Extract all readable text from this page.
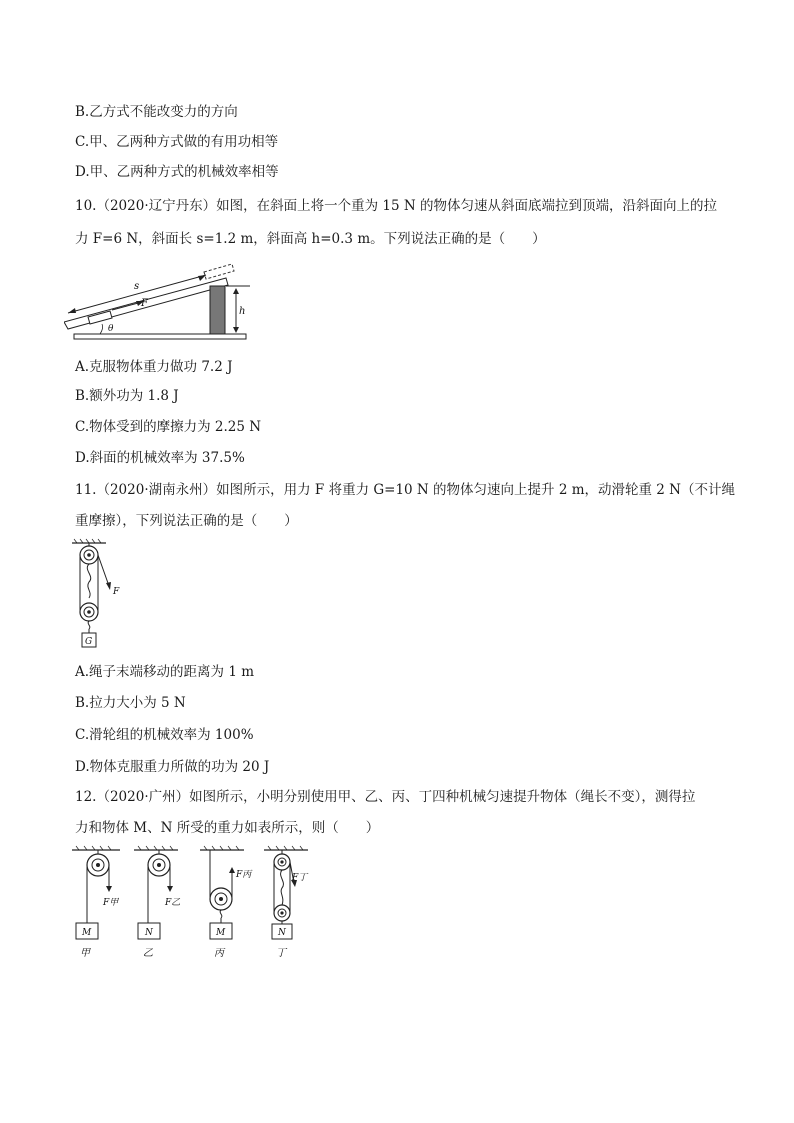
B.乙方式不能改变力的方向
C.甲、乙两种方式做的有用功相等
D.甲、乙两种方式的机械效率相等
10.（2020·辽宁丹东）如图，在斜面上将一个重为 15 N 的物体匀速从斜面底端拉到顶端，沿斜面向上的拉
力 F=6 N，斜面长 s=1.2 m，斜面高 h=0.3 m。下列说法正确的是（　　）
h
s
F
θ
A.克服物体重力做功 7.2 J
B.额外功为 1.8 J
C.物体受到的摩擦力为 2.25 N
D.斜面的机械效率为 37.5%
11.（2020·湖南永州）如图所示，用力 F 将重力 G=10 N 的物体匀速向上提升 2 m，动滑轮重 2 N（不计绳
重摩擦），下列说法正确的是（　　）
F
G
A.绳子末端移动的距离为 1 m
B.拉力大小为 5 N
C.滑轮组的机械效率为 100%
D.物体克服重力所做的功为 20 J
12.（2020·广州）如图所示，小明分别使用甲、乙、丙、丁四种机械匀速提升物体（绳长不变），测得拉
力和物体 M、N 所受的重力如表所示，则（　　）
F甲
M
甲
F乙
N
乙
F丙
M
丙
F丁
N
丁
